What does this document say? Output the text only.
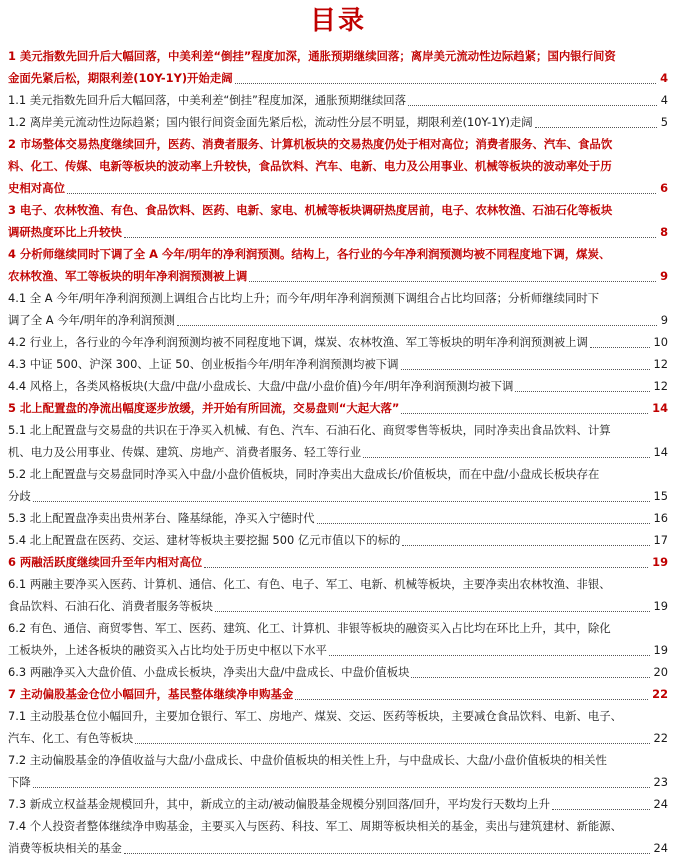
目录
1 美元指数先回升后大幅回落，中美利差“倒挂”程度加深，通胀预期继续回落；离岸美元流动性边际趋紧；国内银行间资
金面先紧后松，期限利差(10Y-1Y)开始走阔	4
1.1 美元指数先回升后大幅回落，中美利差“倒挂”程度加深，通胀预期继续回落	4
1.2 离岸美元流动性边际趋紧；国内银行间资金面先紧后松，流动性分层不明显，期限利差(10Y-1Y)走阔	5
2 市场整体交易热度继续回升，医药、消费者服务、计算机板块的交易热度仍处于相对高位；消费者服务、汽车、食品饮
料、化工、传媒、电新等板块的波动率上升较快，食品饮料、汽车、电新、电力及公用事业、机械等板块的波动率处于历
史相对高位	6
3 电子、农林牧渔、有色、食品饮料、医药、电新、家电、机械等板块调研热度居前，电子、农林牧渔、石油石化等板块
调研热度环比上升较快	8
4 分析师继续同时下调了全 A 今年/明年的净利润预测。结构上，各行业的今年净利润预测均被不同程度地下调，煤炭、
农林牧渔、军工等板块的明年净利润预测被上调	9
4.1 全 A 今年/明年净利润预测上调组合占比均上升；而今年/明年净利润预测下调组合占比均回落；分析师继续同时下
调了全 A 今年/明年的净利润预测	9
4.2 行业上，各行业的今年净利润预测均被不同程度地下调，煤炭、农林牧渔、军工等板块的明年净利润预测被上调	10
4.3 中证 500、沪深 300、上证 50、创业板指今年/明年净利润预测均被下调	12
4.4 风格上，各类风格板块(大盘/中盘/小盘成长、大盘/中盘/小盘价值)今年/明年净利润预测均被下调	12
5 北上配置盘的净流出幅度逐步放缓，并开始有所回流，交易盘则“大起大落”	14
5.1 北上配置盘与交易盘的共识在于净买入机械、有色、汽车、石油石化、商贸零售等板块，同时净卖出食品饮料、计算
机、电力及公用事业、传媒、建筑、房地产、消费者服务、轻工等行业	14
5.2 北上配置盘与交易盘同时净买入中盘/小盘价值板块，同时净卖出大盘成长/价值板块，而在中盘/小盘成长板块存在
分歧	15
5.3 北上配置盘净卖出贵州茅台、隆基绿能，净买入宁德时代	16
5.4 北上配置盘在医药、交运、建材等板块主要挖掘 500 亿元市值以下的标的	17
6 两融活跃度继续回升至年内相对高位	19
6.1 两融主要净买入医药、计算机、通信、化工、有色、电子、军工、电新、机械等板块，主要净卖出农林牧渔、非银、
食品饮料、石油石化、消费者服务等板块	19
6.2 有色、通信、商贸零售、军工、医药、建筑、化工、计算机、非银等板块的融资买入占比均在环比上升，其中，除化
工板块外，上述各板块的融资买入占比均处于历史中枢以下水平	19
6.3 两融净买入大盘价值、小盘成长板块，净卖出大盘/中盘成长、中盘价值板块	20
7 主动偏股基金仓位小幅回升，基民整体继续净申购基金	22
7.1 主动股基仓位小幅回升，主要加仓银行、军工、房地产、煤炭、交运、医药等板块，主要减仓食品饮料、电新、电子、
汽车、化工、有色等板块	22
7.2 主动偏股基金的净值收益与大盘/小盘成长、中盘价值板块的相关性上升，与中盘成长、大盘/小盘价值板块的相关性
下降	23
7.3 新成立权益基金规模回升，其中，新成立的主动/被动偏股基金规模分别回落/回升，平均发行天数均上升	24
7.4 个人投资者整体继续净申购基金，主要买入与医药、科技、军工、周期等板块相关的基金，卖出与建筑建材、新能源、
消费等板块相关的基金	24
